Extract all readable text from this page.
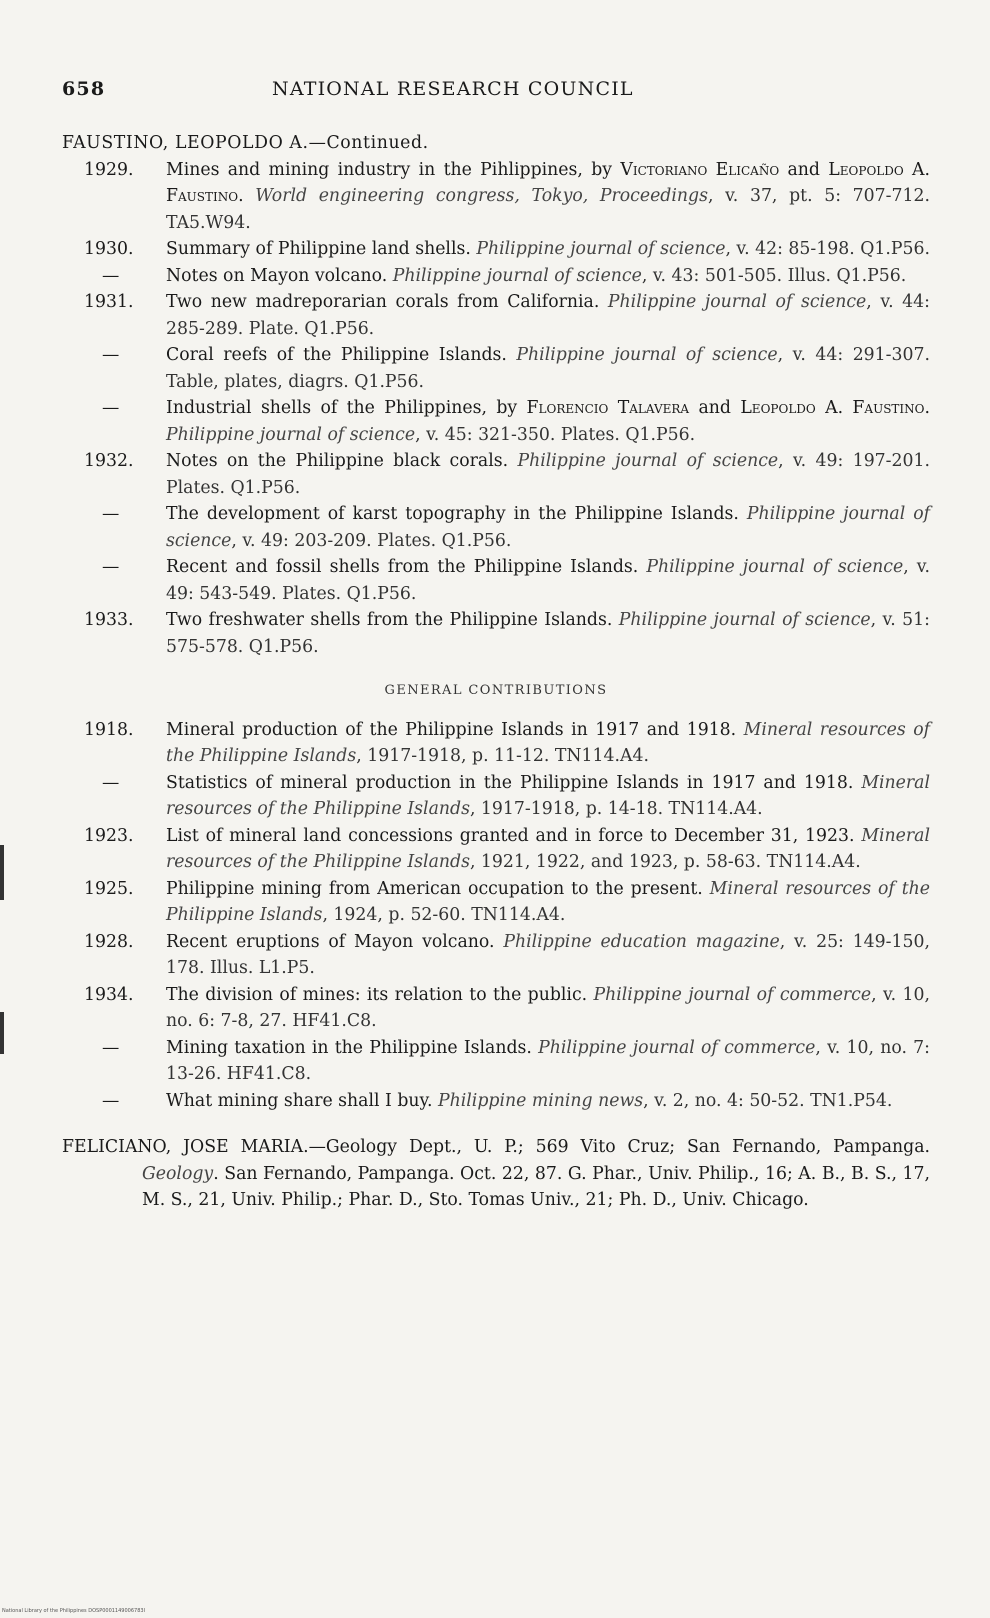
658	NATIONAL RESEARCH COUNCIL
FAUSTINO, LEOPOLDO A.—Continued.
1929. Mines and mining industry in the Pihlippines, by Victoriano Elicaño and Leopoldo A. Faustino. World engineering congress, Tokyo, Proceedings, v. 37, pt. 5: 707-712. TA5.W94.
1930. Summary of Philippine land shells. Philippine journal of science, v. 42: 85-198. Q1.P56.
—	Notes on Mayon volcano. Philippine journal of science, v. 43: 501-505. Illus. Q1.P56.
1931. Two new madreporarian corals from California. Philippine journal of science, v. 44: 285-289. Plate. Q1.P56.
—	Coral reefs of the Philippine Islands. Philippine journal of science, v. 44: 291-307. Table, plates, diagrs. Q1.P56.
—	Industrial shells of the Philippines, by Florencio Talavera and Leopoldo A. Faustino. Philippine journal of science, v. 45: 321-350. Plates. Q1.P56.
1932. Notes on the Philippine black corals. Philippine journal of science, v. 49: 197-201. Plates. Q1.P56.
—	The development of karst topography in the Philippine Islands. Philippine journal of science, v. 49: 203-209. Plates. Q1.P56.
—	Recent and fossil shells from the Philippine Islands. Philippine journal of science, v. 49: 543-549. Plates. Q1.P56.
1933. Two freshwater shells from the Philippine Islands. Philippine journal of science, v. 51: 575-578. Q1.P56.
GENERAL CONTRIBUTIONS
1918. Mineral production of the Philippine Islands in 1917 and 1918. Mineral resources of the Philippine Islands, 1917-1918, p. 11-12. TN114.A4.
—	Statistics of mineral production in the Philippine Islands in 1917 and 1918. Mineral resources of the Philippine Islands, 1917-1918, p. 14-18. TN114.A4.
1923. List of mineral land concessions granted and in force to December 31, 1923. Mineral resources of the Philippine Islands, 1921, 1922, and 1923, p. 58-63. TN114.A4.
1925. Philippine mining from American occupation to the present. Mineral resources of the Philippine Islands, 1924, p. 52-60. TN114.A4.
1928. Recent eruptions of Mayon volcano. Philippine education magazine, v. 25: 149-150, 178. Illus. L1.P5.
1934. The division of mines: its relation to the public. Philippine journal of commerce, v. 10, no. 6: 7-8, 27. HF41.C8.
—	Mining taxation in the Philippine Islands. Philippine journal of commerce, v. 10, no. 7: 13-26. HF41.C8.
—	What mining share shall I buy. Philippine mining news, v. 2, no. 4: 50-52. TN1.P54.
FELICIANO, JOSE MARIA.—Geology Dept., U. P.; 569 Vito Cruz; San Fernando, Pampanga. Geology. San Fernando, Pampanga. Oct. 22, 87. G. Phar., Univ. Philip., 16; A. B., B. S., 17, M. S., 21, Univ. Philip.; Phar. D., Sto. Tomas Univ., 21; Ph. D., Univ. Chicago.
National Library of the Philippines DOSP0001149006783I
